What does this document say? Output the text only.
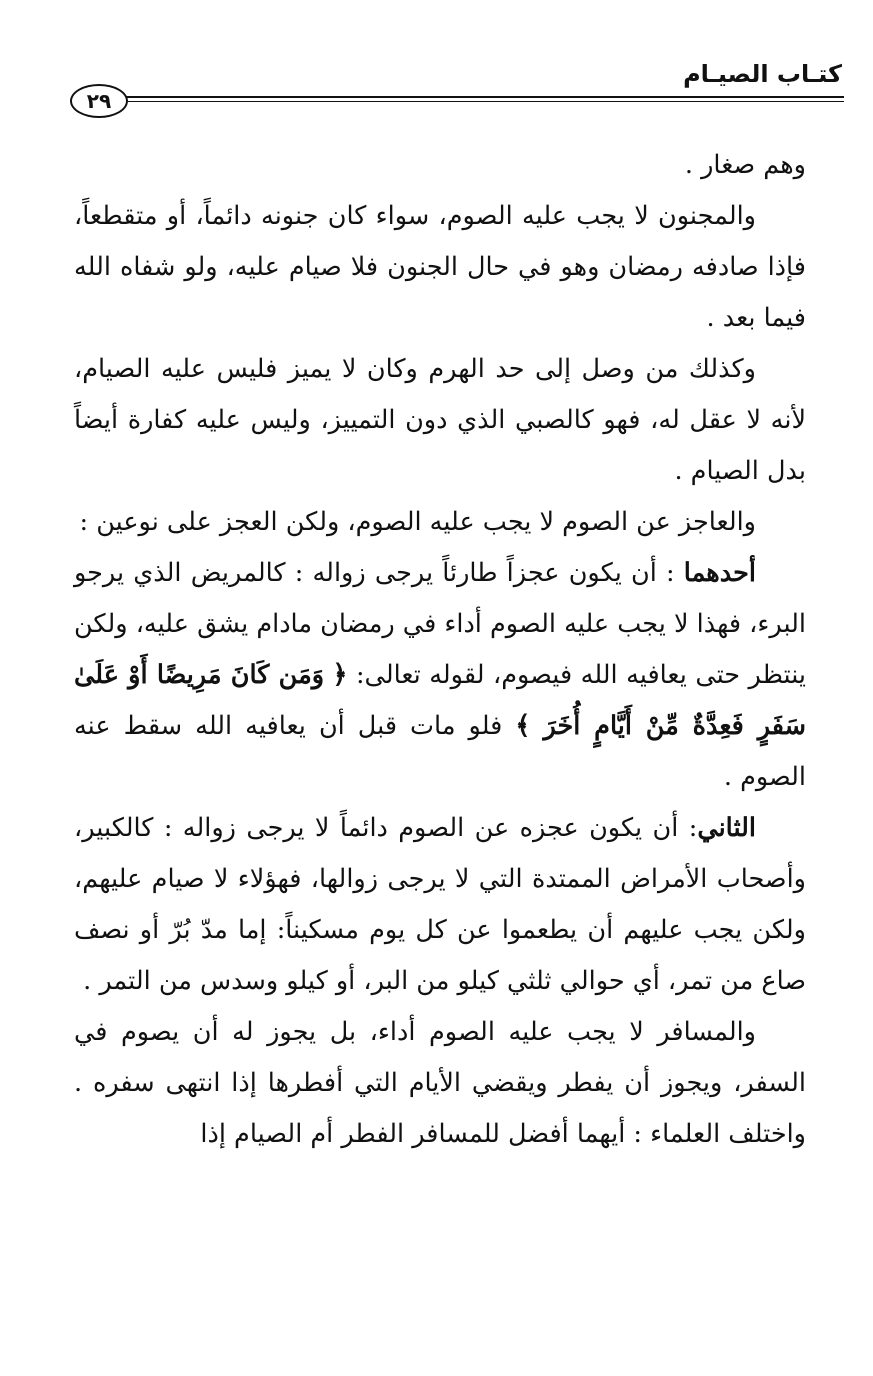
٢٩
كتـاب الصيـام

وهم صغار .

والمجنون لا يجب عليه الصوم، سواء كان جنونه دائماً، أو متقطعاً، فإذا صادفه رمضان وهو في حال الجنون فلا صيام عليه، ولو شفاه الله فيما بعد .

وكذلك من وصل إلى حد الهرم وكان لا يميز فليس عليه الصيام، لأنه لا عقل له، فهو كالصبي الذي دون التمييز، وليس عليه كفارة أيضاً بدل الصيام .

والعاجز عن الصوم لا يجب عليه الصوم، ولكن العجز على نوعين :

أحدهما : أن يكون عجزاً طارئاً يرجى زواله : كالمريض الذي يرجو البرء، فهذا لا يجب عليه الصوم أداء في رمضان مادام يشق عليه، ولكن ينتظر حتى يعافيه الله فيصوم، لقوله تعالى: ﴿ وَمَن كَانَ مَرِيضًا أَوْ عَلَىٰ سَفَرٍ فَعِدَّةٌ مِّنْ أَيَّامٍ أُخَرَ ﴾ فلو مات قبل أن يعافيه الله سقط عنه الصوم .

الثاني: أن يكون عجزه عن الصوم دائماً لا يرجى زواله : كالكبير، وأصحاب الأمراض الممتدة التي لا يرجى زوالها، فهؤلاء لا صيام عليهم، ولكن يجب عليهم أن يطعموا عن كل يوم مسكيناً: إما مدّ بُرّ أو نصف صاع من تمر، أي حوالي ثلثي كيلو من البر، أو كيلو وسدس من التمر .

والمسافر لا يجب عليه الصوم أداء، بل يجوز له أن يصوم في السفر، ويجوز أن يفطر ويقضي الأيام التي أفطرها إذا انتهى سفره . واختلف العلماء : أيهما أفضل للمسافر الفطر أم الصيام إذا
